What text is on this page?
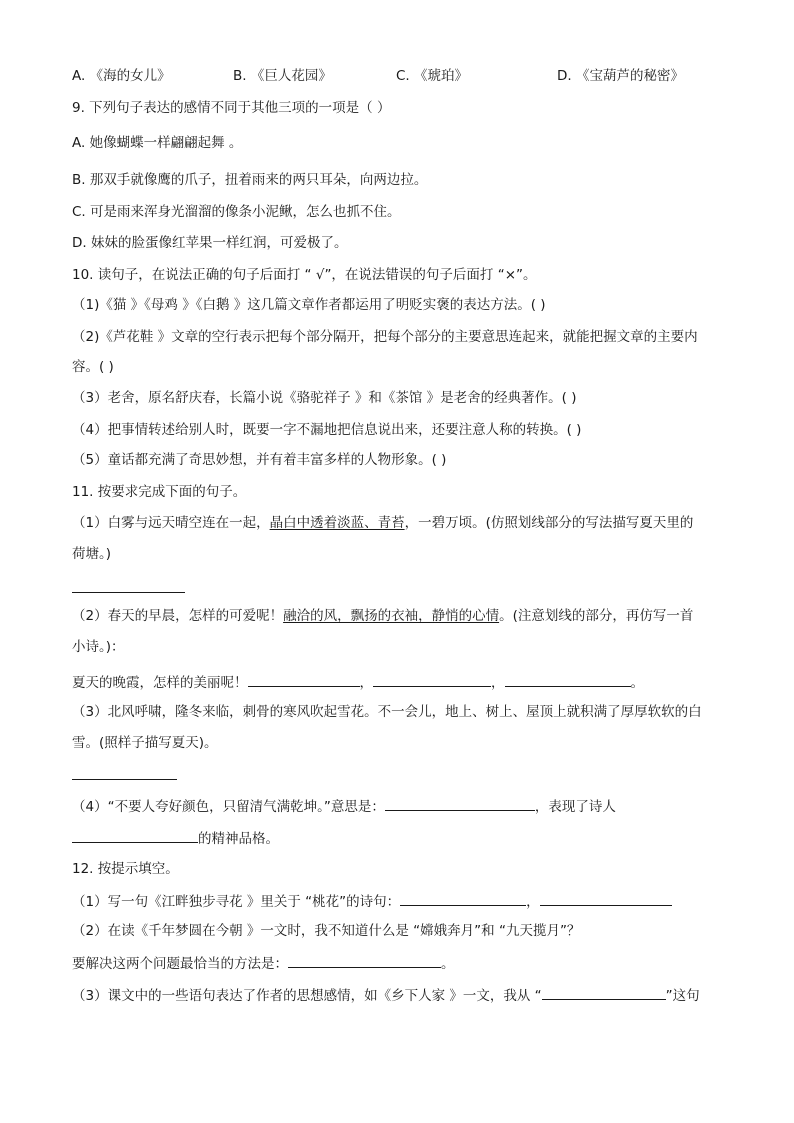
A. 《海的女儿》	B. 《巨人花园》	C. 《琥珀》	D. 《宝葫芦的秘密》
9. 下列句子表达的感情不同于其他三项的一项是（ ）
A. 她像蝴蝶一样翩翩起舞 。
B. 那双手就像鹰的爪子，扭着雨来的两只耳朵，向两边拉。
C. 可是雨来浑身光溜溜的像条小泥鳅，怎么也抓不住。
D. 妹妹的脸蛋像红苹果一样红润，可爱极了。
10. 读句子，在说法正确的句子后面打 “ √”，在说法错误的句子后面打 “×”。
（1)《猫 》《母鸡 》《白鹅 》这几篇文章作者都运用了明贬实褒的表达方法。( )
（2)《芦花鞋 》文章的空行表示把每个部分隔开，把每个部分的主要意思连起来，就能把握文章的主要内
容。( )
（3）老舍，原名舒庆春，长篇小说《骆驼祥子 》和《茶馆 》是老舍的经典著作。( )
（4）把事情转述给别人时，既要一字不漏地把信息说出来，还要注意人称的转换。( )
（5）童话都充满了奇思妙想，并有着丰富多样的人物形象。( )
11. 按要求完成下面的句子。
（1）白雾与远天晴空连在一起，晶白中透着淡蓝、青苔，一碧万顷。(仿照划线部分的写法描写夏天里的
荷塘。)
（2）春天的早晨，怎样的可爱呢！融洽的风，飘扬的衣袖，静悄的心情。(注意划线的部分，再仿写一首
小诗。)：
夏天的晚霞，怎样的美丽呢！	，	，	。
（3）北风呼啸，隆冬来临，刺骨的寒风吹起雪花。不一会儿，地上、树上、屋顶上就积满了厚厚软软的白
雪。(照样子描写夏天)。
（4）“不要人夸好颜色，只留清气满乾坤。”意思是：	，表现了诗人
的精神品格。
12. 按提示填空。
（1）写一句《江畔独步寻花 》里关于 “桃花”的诗句：	，
（2）在读《千年梦圆在今朝 》一文时，我不知道什么是 “嫦娥奔月”和 “九天揽月”？
要解决这两个问题最恰当的方法是：	。
（3）课文中的一些语句表达了作者的思想感情，如《乡下人家 》一文，我从 “	”这句
